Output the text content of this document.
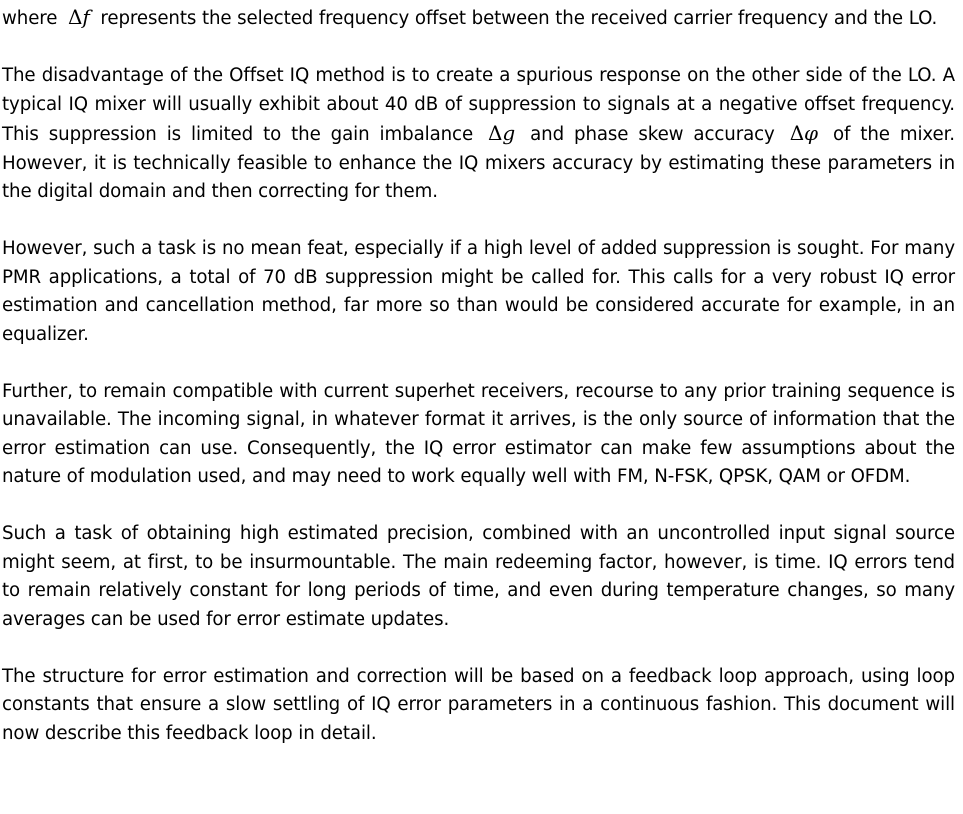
where Δf represents the selected frequency offset between the received carrier frequency and the LO.

The disadvantage of the Offset IQ method is to create a spurious response on the other side of the LO. A typical IQ mixer will usually exhibit about 40 dB of suppression to signals at a negative offset frequency. This suppression is limited to the gain imbalance Δg and phase skew accuracy Δφ of the mixer. However, it is technically feasible to enhance the IQ mixers accuracy by estimating these parameters in the digital domain and then correcting for them.

However, such a task is no mean feat, especially if a high level of added suppression is sought. For many PMR applications, a total of 70 dB suppression might be called for. This calls for a very robust IQ error estimation and cancellation method, far more so than would be considered accurate for example, in an equalizer.

Further, to remain compatible with current superhet receivers, recourse to any prior training sequence is unavailable. The incoming signal, in whatever format it arrives, is the only source of information that the error estimation can use. Consequently, the IQ error estimator can make few assumptions about the nature of modulation used, and may need to work equally well with FM, N-FSK, QPSK, QAM or OFDM.

Such a task of obtaining high estimated precision, combined with an uncontrolled input signal source might seem, at first, to be insurmountable. The main redeeming factor, however, is time. IQ errors tend to remain relatively constant for long periods of time, and even during temperature changes, so many averages can be used for error estimate updates.

The structure for error estimation and correction will be based on a feedback loop approach, using loop constants that ensure a slow settling of IQ error parameters in a continuous fashion. This document will now describe this feedback loop in detail.
